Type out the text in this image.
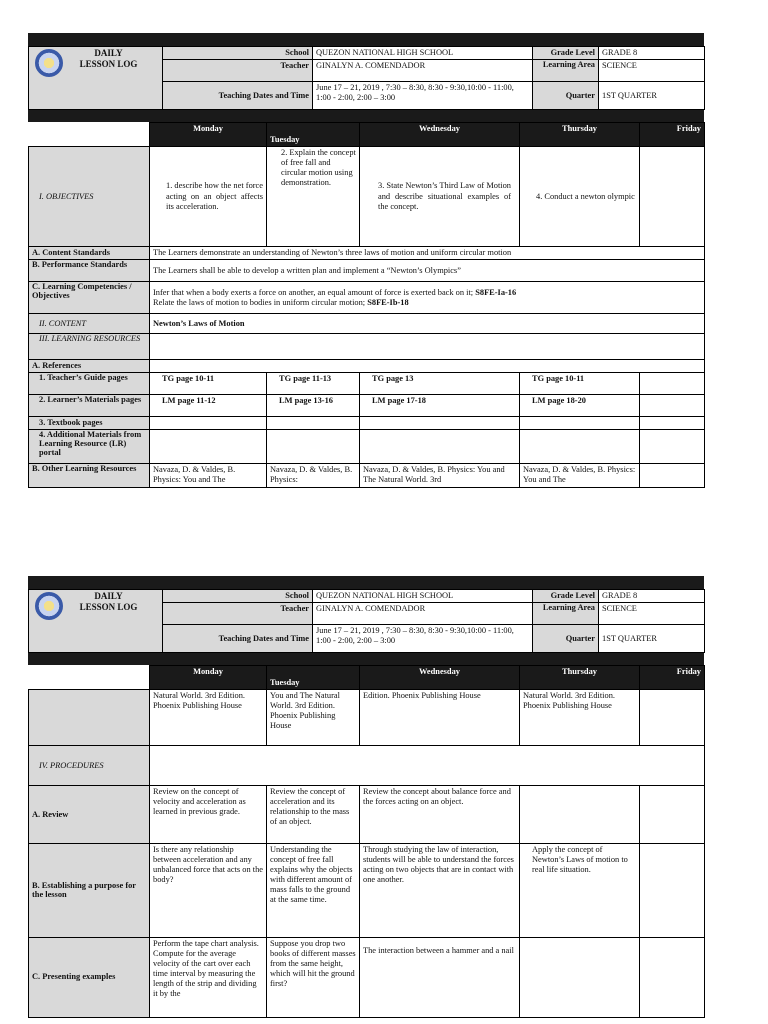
DAILY
LESSON LOG	School	QUEZON NATIONAL HIGH SCHOOL	Grade Level	GRADE 8
	Teacher	GINALYN A. COMENDADOR	Learning Area	SCIENCE
	Teaching Dates and Time	June 17 – 21, 2019 , 7:30 – 8:30, 8:30 - 9:30,10:00 - 11:00, 1:00 - 2:00, 2:00 – 3:00	Quarter	1ST QUARTER
	Monday	Tuesday	Wednesday	Thursday	Friday
I. OBJECTIVES	1. describe how the net force acting on an object affects its acceleration.	2. Explain the concept of free fall and circular motion using demonstration.	3. State Newton’s Third Law of Motion and describe situational examples of the concept.	4. Conduct a newton olympic	
A. Content Standards	The Learners demonstrate an understanding of Newton’s three laws of motion and uniform circular motion				
B. Performance Standards	The Learners shall be able to develop a written plan and implement a “Newton’s Olympics”				
C. Learning Competencies / Objectives	Infer that when a body exerts a force on another, an equal amount of force is exerted back on it; S8FE-Ia-16
Relate the laws of motion to bodies in uniform circular motion; S8FE-Ib-18				

II. CONTENT	Newton’s Laws of Motion				
III. LEARNING RESOURCES					
A. References					
1. Teacher’s Guide pages	TG page 10-11	TG page 11-13	TG page 13	TG page 10-11	
2. Learner’s Materials pages	LM page 11-12	LM page 13-16	LM page 17-18	LM page 18-20	
3. Textbook pages					
4. Additional Materials from Learning Resource (LR) portal					
B. Other Learning Resources	Navaza, D. & Valdes, B. Physics: You and The	Navaza, D. & Valdes, B. Physics:	Navaza, D. & Valdes, B. Physics: You and The Natural World. 3rd	Navaza, D. & Valdes, B. Physics: You and The	
DAILY
LESSON LOG	School	QUEZON NATIONAL HIGH SCHOOL	Grade Level	GRADE 8
	Teacher	GINALYN A. COMENDADOR	Learning Area	SCIENCE
	Teaching Dates and Time	June 17 – 21, 2019 , 7:30 – 8:30, 8:30 - 9:30,10:00 - 11:00, 1:00 - 2:00, 2:00 – 3:00	Quarter	1ST QUARTER
	Monday	Tuesday	Wednesday	Thursday	Friday
	Natural World. 3rd Edition. Phoenix Publishing House	You and The Natural World. 3rd Edition. Phoenix Publishing House	Edition. Phoenix Publishing House	Natural World. 3rd Edition. Phoenix Publishing House	
IV. PROCEDURES					
A. Review	Review on the concept of velocity and acceleration as learned in previous grade.	Review the concept of acceleration and its relationship to the mass of an object.	Review the concept about balance force and the forces acting on an object.		
B. Establishing a purpose for the lesson	Is there any relationship between acceleration and any unbalanced force that acts on the body?	Understanding the concept of free fall explains why the objects with different amount of mass falls to the ground at the same time.	Through studying the law of interaction, students will be able to understand the forces acting on two objects that are in contact with one another.	Apply the concept of Newton’s Laws of motion to real life situation.	
C. Presenting examples	Perform the tape chart analysis. Compute for the average velocity of the cart over each time interval by measuring the length of the strip and dividing it by the	Suppose you drop two books of different masses from the same height, which will hit the ground first?	The interaction between a hammer and a nail		
